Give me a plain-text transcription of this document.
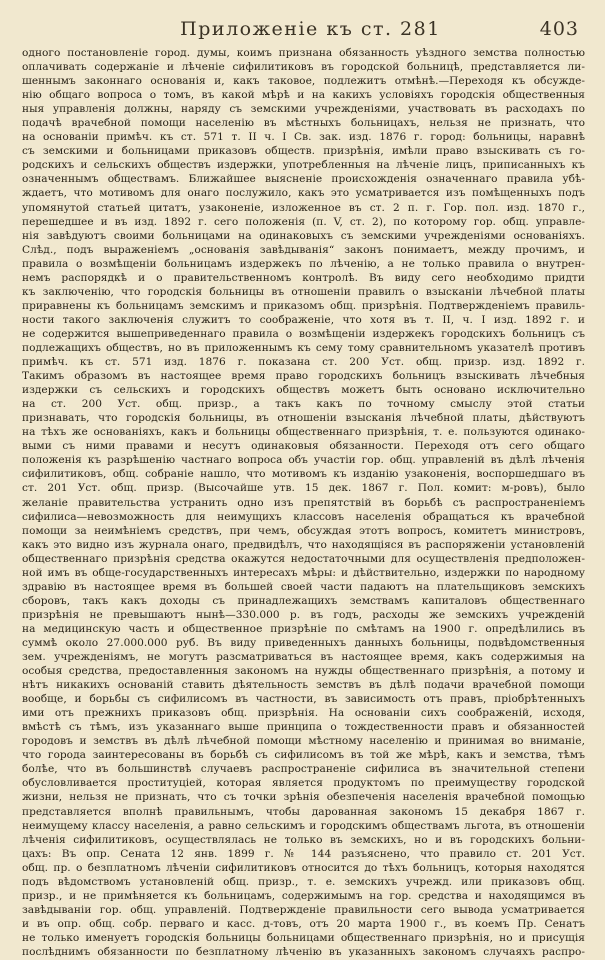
Приложеніе къ ст. 281	403
одного постановленіе город. думы, коимъ признана обязанность уѣздного земства полностью
оплачивать содержаніе и лѣченіе сифилитиковъ въ городской больницѣ, представляется ли-
шеннымъ законнаго основанія и, какъ таковое, подлежитъ отмѣнѣ.—Переходя къ обсужде-
нію общаго вопроса о томъ, въ какой мѣрѣ и на какихъ условіяхъ городскія общественныя
ныя управленія должны, наряду съ земскими учрежденіями, участвовать въ расходахъ по
подачѣ врачебной помощи населенію въ мѣстныхъ больницахъ, нельзя не признать, что
на основаніи примѣч. къ ст. 571 т. II ч. I Св. зак. изд. 1876 г. город: больницы, наравнѣ
съ земскими и больницами приказовъ обществ. призрѣнія, имѣли право взыскивать съ го-
родскихъ и сельскихъ обществъ издержки, употребленныя на лѣченіе лицъ, приписанныхъ къ
означеннымъ обществамъ. Ближайшее выясненіе происхожденія означеннаго правила убѣ-
ждаетъ, что мотивомъ для онаго послужило, какъ это усматривается изъ помѣщенныхъ подъ
упомянутой статьей цитатъ, узаконеніе, изложенное въ ст. 2 п. г. Гор. пол. изд. 1870 г.,
перешедшее и въ изд. 1892 г. сего положенія (п. V, ст. 2), по которому гор. общ. управле-
нія завѣдуютъ своими больницами на одинаковыхъ съ земскими учрежденіями основаніяхъ.
Слѣд., подъ выраженіемъ „основанія завѣдыванія“ законъ понимаетъ, между прочимъ, и
правила о возмѣщеніи больницамъ издержекъ по лѣченію, а не только правила о внутрен-
немъ распорядкѣ и о правительственномъ контролѣ. Въ виду сего необходимо придти
къ заключенію, что городскія больницы въ отношеніи правилъ о взысканіи лѣчебной платы
приравнены къ больницамъ земскимъ и приказомъ общ. призрѣнія. Подтвержденіемъ правиль-
ности такого заключенія служитъ то соображеніе, что хотя въ т. II, ч. I изд. 1892 г. и
не содержится вышеприведеннаго правила о возмѣщеніи издержекъ городскихъ больницъ съ
подлежащихъ обществъ, но въ приложеннымъ къ сему тому сравнительномъ указателѣ противъ
примѣч. къ ст. 571 изд. 1876 г. показана ст. 200 Уст. общ. призр. изд. 1892 г.
Такимъ образомъ въ настоящее время право городскихъ больницъ взыскивать лѣчебныя
издержки съ сельскихъ и городскихъ обществъ можетъ быть основано исключительно
на ст. 200 Уст. общ. призр., а такъ какъ по точному смыслу этой статьи
признавать, что городскія больницы, въ отношеніи взысканія лѣчебной платы, дѣйствуютъ
на тѣхъ же основаніяхъ, какъ и больницы общественнаго призрѣнія, т. е. пользуются одинако-
выми съ ними правами и несутъ одинаковыя обязанности. Переходя отъ сего общаго
положенія къ разрѣшенію частнаго вопроса объ участіи гор. общ. управленій въ дѣлѣ лѣченія
сифилитиковъ, общ. собраніе нашло, что мотивомъ къ изданію узаконенія, воспоршедшаго въ
ст. 201 Уст. общ. призр. (Высочайше утв. 15 дек. 1867 г. Пол. комит: м-ровъ), было
желаніе правительства устранить одно изъ препятствій въ борьбѣ съ распространеніемъ
сифилиса—невозможность для неимущихъ классовъ населенія обращаться къ врачебной
помощи за неимѣніемъ средствъ, при чемъ, обсуждая этотъ вопросъ, комитетъ министровъ,
какъ это видно изъ журнала онаго, предвидѣлъ, что находящіяся въ распоряженіи установленій
общественнаго призрѣнія средства окажутся недостаточными для осуществленія предположен-
ной имъ въ обще-государственныхъ интересахъ мѣры: и дѣйствительно, издержки по народному
здравію въ настоящее время въ большей своей части падаютъ на плательщиковъ земскихъ
сборовъ, такъ какъ доходы съ принадлежащихъ земствамъ капиталовъ общественнаго
призрѣнія не превышаютъ нынѣ—330.000 р. въ годъ, расходы же земскихъ учрежденій
на медицинскую часть и общественное призрѣніе по смѣтамъ на 1900 г. опредѣлились въ
суммѣ около 27.000.000 руб. Въ виду приведенныхъ данныхъ больницы, подвѣдомственныя
зем. учрежденіямъ, не могутъ разсматриваться въ настоящее время, какъ содержимыя на
особыя средства, предоставленныя закономъ на нужды общественнаго призрѣнія, а потому и
нѣтъ никакихъ основаній ставить дѣятельность земствъ въ дѣлѣ подачи врачебной помощи
вообще, и борьбы съ сифилисомъ въ частности, въ зависимость отъ правъ, пріобрѣтенныхъ
ими отъ прежнихъ приказовъ общ. призрѣнія. На основаніи сихъ соображеній, исходя,
вмѣстѣ съ тѣмъ, изъ указаннаго выше принципа о тождественности правъ и обязанностей
городовъ и земствъ въ дѣлѣ лѣчебной помощи мѣстному населенію и принимая во вниманіе,
что города заинтересованы въ борьбѣ съ сифилисомъ въ той же мѣрѣ, какъ и земства, тѣмъ
болѣе, что въ большинствѣ случаевъ распространеніе сифилиса въ значительной степени
обусловливается проституціей, которая является продуктомъ по преимуществу городской
жизни, нельзя не признать, что съ точки зрѣнія обезпеченія населенія врачебной помощью
представляется вполнѣ правильнымъ, чтобы дарованная закономъ 15 декабря 1867 г.
неимущему классу населенія, а равно сельскимъ и городскимъ обществамъ льгота, въ отношеніи
лѣченія сифилитиковъ, осуществлялась не только въ земскихъ, но и въ городскихъ больни-
цахъ: Въ опр. Сената 12 янв. 1899 г. № 144 разъяснено, что правило ст. 201 Уст.
общ. пр. о безплатномъ лѣченіи сифилитиковъ относится до тѣхъ больницъ, которыя находятся
подъ вѣдомствомъ установленій общ. призр., т. е. земскихъ учрежд. или приказовъ общ.
призр., и не примѣняется къ больницамъ, содержимымъ на гор. средства и находящимся въ
завѣдываніи гор. общ. управленій. Подтвержденіе правильности сего вывода усматривается
и въ опр. общ. собр. перваго и касс. д-товъ, отъ 20 марта 1900 г., въ коемъ Пр. Сенатъ
не только именуетъ городскія больницы больницами общественнаго призрѣнія, но и присущія
послѣднимъ обязанности по безплатному лѣченію въ указанныхъ закономъ случаяхъ распро-
